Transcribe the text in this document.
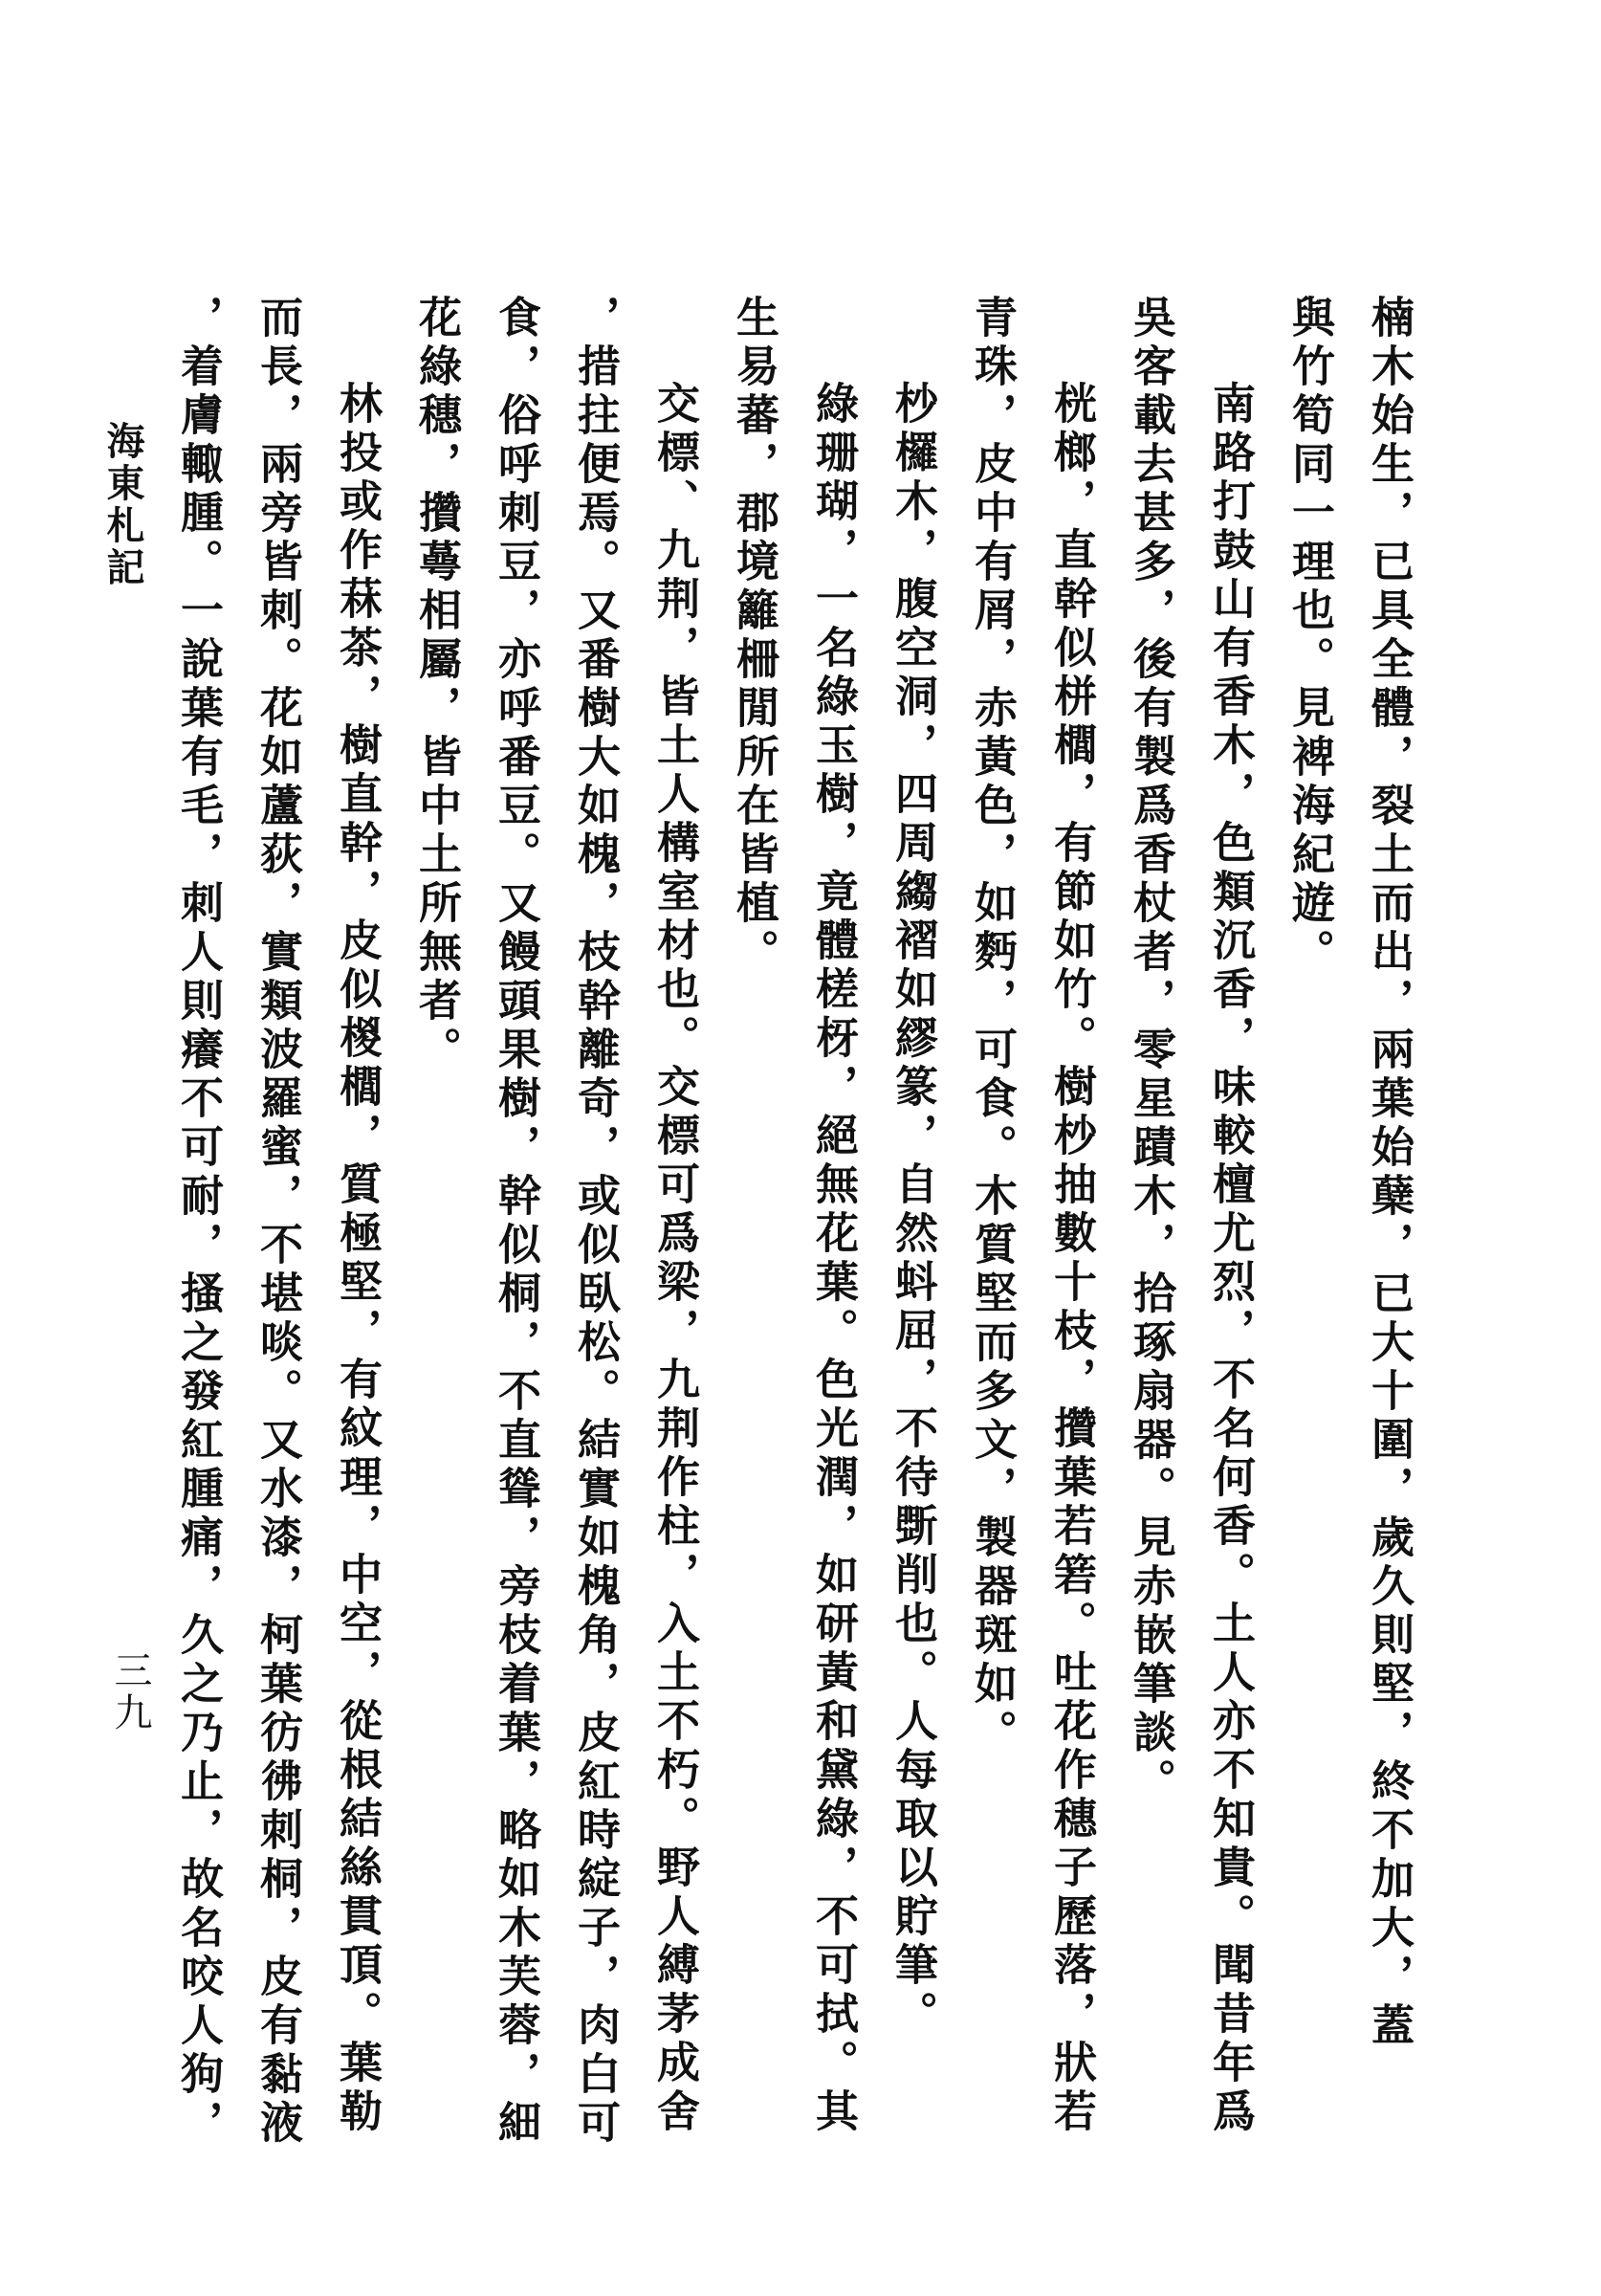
楠木始生，已具全體，裂土而出，兩葉始蘖，已大十圍，歲久則堅，終不加大，蓋
與竹筍同一理也。見裨海紀遊。
南路打鼓山有香木，色類沉香，味較檀尤烈，不名何香。土人亦不知貴。聞昔年爲
吳客載去甚多，後有製爲香杖者，零星蹟木，拾琢扇器。見赤嵌筆談。
桄榔，直幹似栟櫚，有節如竹。樹杪抽數十枝，攢葉若箬。吐花作穗子歷落，狀若
青珠，皮中有屑，赤黃色，如麪，可食。木質堅而多文，製器斑如。
杪欏木，腹空洞，四周縐褶如繆篆，自然蚪屈，不待斲削也。人每取以貯筆。
綠珊瑚，一名綠玉樹，竟體槎枒，絕無花葉。色光潤，如研黃和黛綠，不可拭。其
生易蕃，郡境籬柵閒所在皆植。
交標、九荆，皆土人構室材也。交標可爲梁，九荆作柱，入土不朽。野人縛茅成舍
，措拄便焉。又番樹大如槐，枝幹離奇，或似臥松。結實如槐角，皮紅時綻子，肉白可
食，俗呼刺豆，亦呼番豆。又饅頭果樹，幹似桐，不直聳，旁枝着葉，略如木芙蓉，細
花綠穗，攢蕚相屬，皆中土所無者。
林投或作菻茶，樹直幹，皮似椶櫚，質極堅，有紋理，中空，從根結絲貫頂。葉勒
而長，兩旁皆刺。花如蘆荻，實類波羅蜜，不堪啖。又水漆，柯葉彷彿刺桐，皮有黏液
，着膚輙腫。一說葉有毛，刺人則癢不可耐，搔之發紅腫痛，久之乃止，故名咬人狗，
海東札記
三九
